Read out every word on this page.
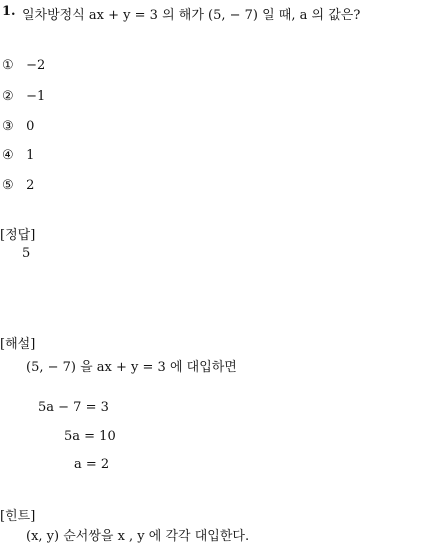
1. 일차방정식 ax + y = 3 의 해가 (5, − 7) 일 때, a 의 값은?
① −2
② −1
③ 0
④ 1
⑤ 2
[정답]
5
[해설]
(5, − 7) 을 ax + y = 3 에 대입하면
5a − 7 = 3
5a = 10
a = 2
[힌트]
(x, y) 순서쌍을 x , y 에 각각 대입한다.
